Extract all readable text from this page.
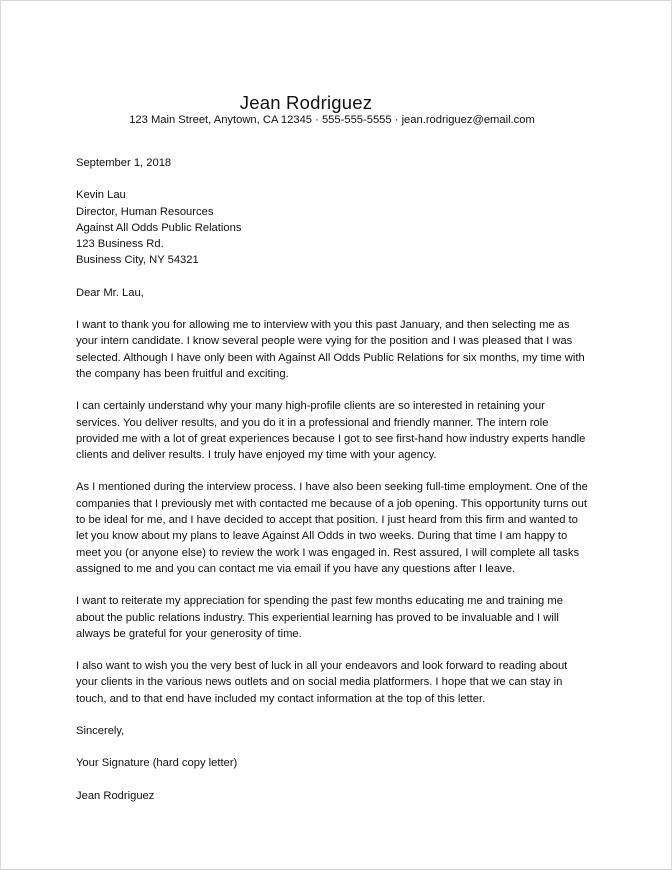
Jean Rodriguez
123 Main Street, Anytown, CA 12345 · 555-555-5555 · jean.rodriguez@email.com
September 1, 2018
Kevin Lau
Director, Human Resources
Against All Odds Public Relations
123 Business Rd.
Business City, NY 54321
Dear Mr. Lau,
I want to thank you for allowing me to interview with you this past January, and then selecting me as
your intern candidate. I know several people were vying for the position and I was pleased that I was
selected. Although I have only been with Against All Odds Public Relations for six months, my time with
the company has been fruitful and exciting.
I can certainly understand why your many high-profile clients are so interested in retaining your
services. You deliver results, and you do it in a professional and friendly manner. The intern role
provided me with a lot of great experiences because I got to see first-hand how industry experts handle
clients and deliver results. I truly have enjoyed my time with your agency.
As I mentioned during the interview process. I have also been seeking full-time employment. One of the
companies that I previously met with contacted me because of a job opening. This opportunity turns out
to be ideal for me, and I have decided to accept that position. I just heard from this firm and wanted to
let you know about my plans to leave Against All Odds in two weeks. During that time I am happy to
meet you (or anyone else) to review the work I was engaged in. Rest assured, I will complete all tasks
assigned to me and you can contact me via email if you have any questions after I leave.
I want to reiterate my appreciation for spending the past few months educating me and training me
about the public relations industry. This experiential learning has proved to be invaluable and I will
always be grateful for your generosity of time.
I also want to wish you the very best of luck in all your endeavors and look forward to reading about
your clients in the various news outlets and on social media platformers. I hope that we can stay in
touch, and to that end have included my contact information at the top of this letter.
Sincerely,
Your Signature (hard copy letter)
Jean Rodriguez
